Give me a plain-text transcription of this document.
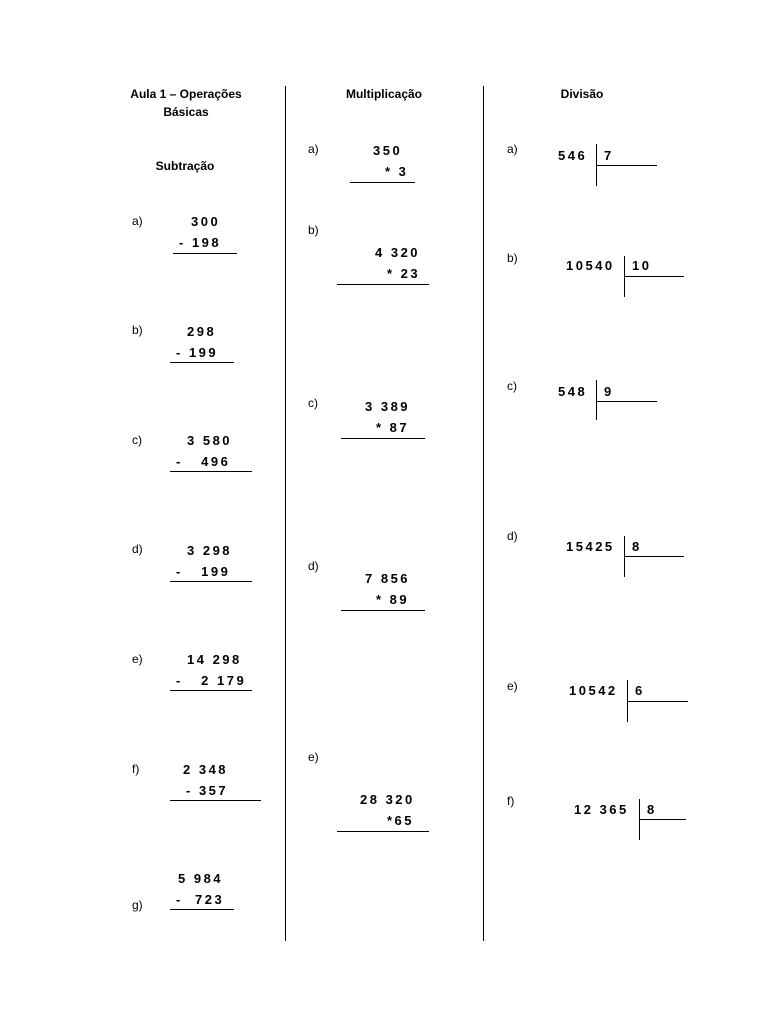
Aula 1 – Operações Básicas
Subtração
Multiplicação	Divisão
a)	300
- 198
b)	298
- 199
c)	3 580
-   496
d)	3 298
-   199
e)	14 298
-   2 179
f)	2 348
- 357
5 984
g)	-  723
a)	350
* 3
b)
4 320
* 23
c)	3 389
* 87
d)
7 856
* 89
e)
28 320
*65
a)	546 7
b)	10540 10
c)	548 9
d)
15425 8
e)	10542 6
f)
12 365 8
